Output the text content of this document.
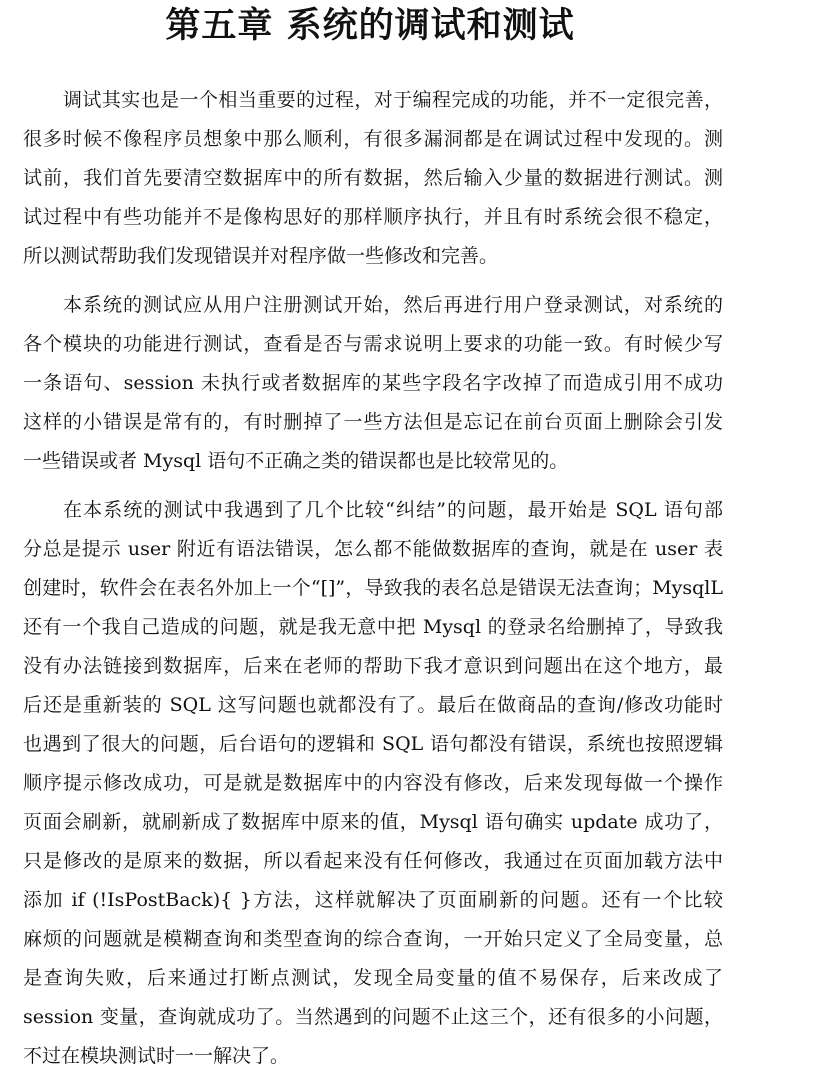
第五章 系统的调试和测试
调试其实也是一个相当重要的过程，对于编程完成的功能，并不一定很完善，
很多时候不像程序员想象中那么顺利，有很多漏洞都是在调试过程中发现的。测
试前，我们首先要清空数据库中的所有数据，然后输入少量的数据进行测试。测
试过程中有些功能并不是像构思好的那样顺序执行，并且有时系统会很不稳定，
所以测试帮助我们发现错误并对程序做一些修改和完善。
本系统的测试应从用户注册测试开始，然后再进行用户登录测试，对系统的
各个模块的功能进行测试，查看是否与需求说明上要求的功能一致。有时候少写
一条语句、session 未执行或者数据库的某些字段名字改掉了而造成引用不成功
这样的小错误是常有的，有时删掉了一些方法但是忘记在前台页面上删除会引发
一些错误或者 Mysql 语句不正确之类的错误都也是比较常见的。
在本系统的测试中我遇到了几个比较“纠结”的问题，最开始是 SQL 语句部
分总是提示 user 附近有语法错误，怎么都不能做数据库的查询，就是在 user 表
创建时，软件会在表名外加上一个“[]”，导致我的表名总是错误无法查询；MysqlL
还有一个我自己造成的问题，就是我无意中把 Mysql 的登录名给删掉了，导致我
没有办法链接到数据库，后来在老师的帮助下我才意识到问题出在这个地方，最
后还是重新装的 SQL 这写问题也就都没有了。最后在做商品的查询/修改功能时
也遇到了很大的问题，后台语句的逻辑和 SQL 语句都没有错误，系统也按照逻辑
顺序提示修改成功，可是就是数据库中的内容没有修改，后来发现每做一个操作
页面会刷新，就刷新成了数据库中原来的值，Mysql 语句确实 update 成功了，
只是修改的是原来的数据，所以看起来没有任何修改，我通过在页面加载方法中
添加 if (!IsPostBack){ }方法，这样就解决了页面刷新的问题。还有一个比较
麻烦的问题就是模糊查询和类型查询的综合查询，一开始只定义了全局变量，总
是查询失败，后来通过打断点测试，发现全局变量的值不易保存，后来改成了
session 变量，查询就成功了。当然遇到的问题不止这三个，还有很多的小问题，
不过在模块测试时一一解决了。
